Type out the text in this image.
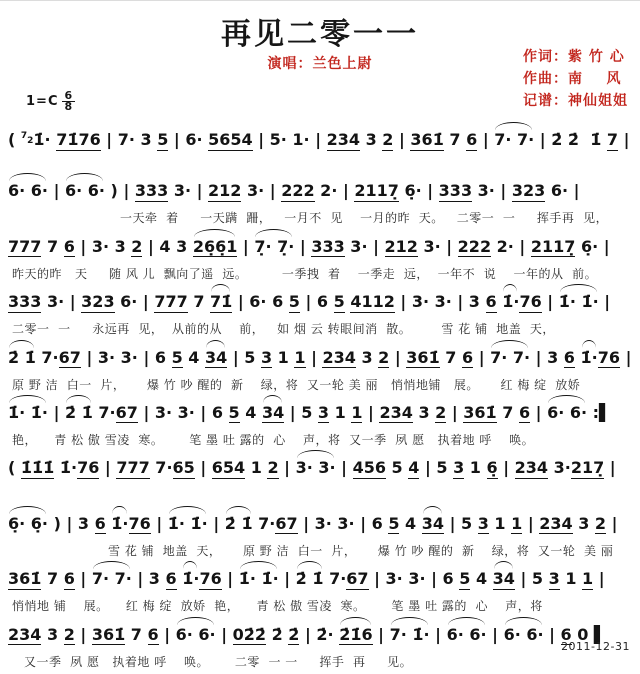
再见二零一一
演唱：兰色上尉	作词：紫 竹 心
作曲：南    风
记谱：神仙姐姐
$1=C \frac{6}{8}$
( $^7$21̇· 71̇76 | 7· 3 5 | 6· 5654 | 5· 1· | 234 3 2 | 361̇ 7 6 | 7· 7· | 2̇ 2̇  1̇ 7 |
6· 6· | 6· 6· ) | 333 3· | 212 3· | 222 2· | 2117̣ 6̣· | 333 3· | 323 6· |
一天牵  着     一天蹒  跚，   一月不  见    一月的昨  天。   二零一  一     挥手再  见，
777 7 6 | 3· 3 2 | 4 3 26̣6̣1 | 7̣· 7̣· | 333 3· | 212 3· | 222 2· | 2117̣ 6̣· |
昨天的昨   天     随 风 儿  飘向了遥  远。        一季拽  着    一季走  远，  一年不  说    一年的从  前。
333 3· | 323 6· | 777 7 71̇ | 6· 6 5 | 6 5 4112 | 3· 3· | 3 6 1̇·76 | 1̇· 1̇· |
二零一  一     永远再  见，  从前的从    前，   如 烟 云 转眼间消  散。       雪 花 铺  地盖  天，
2̇ 1̇ 7·67 | 3· 3· | 6 5 4 34 | 5 3 1 1 | 234 3 2 | 361̇ 7 6 | 7· 7· | 3 6 1̇·76 |
原 野 洁  白一  片，     爆 竹 吵 醒的  新    绿，将  又一轮 美 丽   悄悄地铺   展。     红 梅 绽  放娇
1̇· 1̇· | 2̇ 1̇ 7·67 | 3· 3· | 6 5 4 34 | 5 3 1 1 | 234 3 2 | 361̇ 7 6 | 6· 6· :▌
艳，    青 松 傲 雪凌  寒。      笔 墨 吐 露的  心    声，将  又一季  夙 愿   执着地 呼    唤。
( 1̇1̇1̇ 1̇·76 | 777 7·65 | 654 1 2 | 3· 3· | 456 5 4 | 5 3 1 6̣ | 234 3·217̣ |
6̣· 6̣· ) | 3 6 1̇·76 | 1̇· 1̇· | 2̇ 1̇ 7·67 | 3· 3· | 6 5 4 34 | 5 3 1 1 | 234 3 2 |
雪 花 铺  地盖  天，     原 野 洁  白一  片，     爆 竹 吵 醒的  新    绿，将  又一轮  美 丽
361̇ 7 6 | 7· 7· | 3 6 1̇·76 | 1̇· 1̇· | 2̇ 1̇ 7·67 | 3· 3· | 6 5 4 34 | 5 3 1 1 |
悄悄地 铺    展。    红 梅 绽  放娇  艳，    青 松 傲 雪凌  寒。      笔 墨 吐 露的  心    声，将
234 3 2 | 361̇ 7 6 | 6· 6· | 02̇2̇ 2̇ 2̇ | 2̇· 2̇1̇6 | 7· 1̇· | 6· 6· | 6· 6· | 6 0 ▌
又一季  夙 愿   执着地 呼    唤。      二零  一 一     挥手  再     见。
2011-12-31
